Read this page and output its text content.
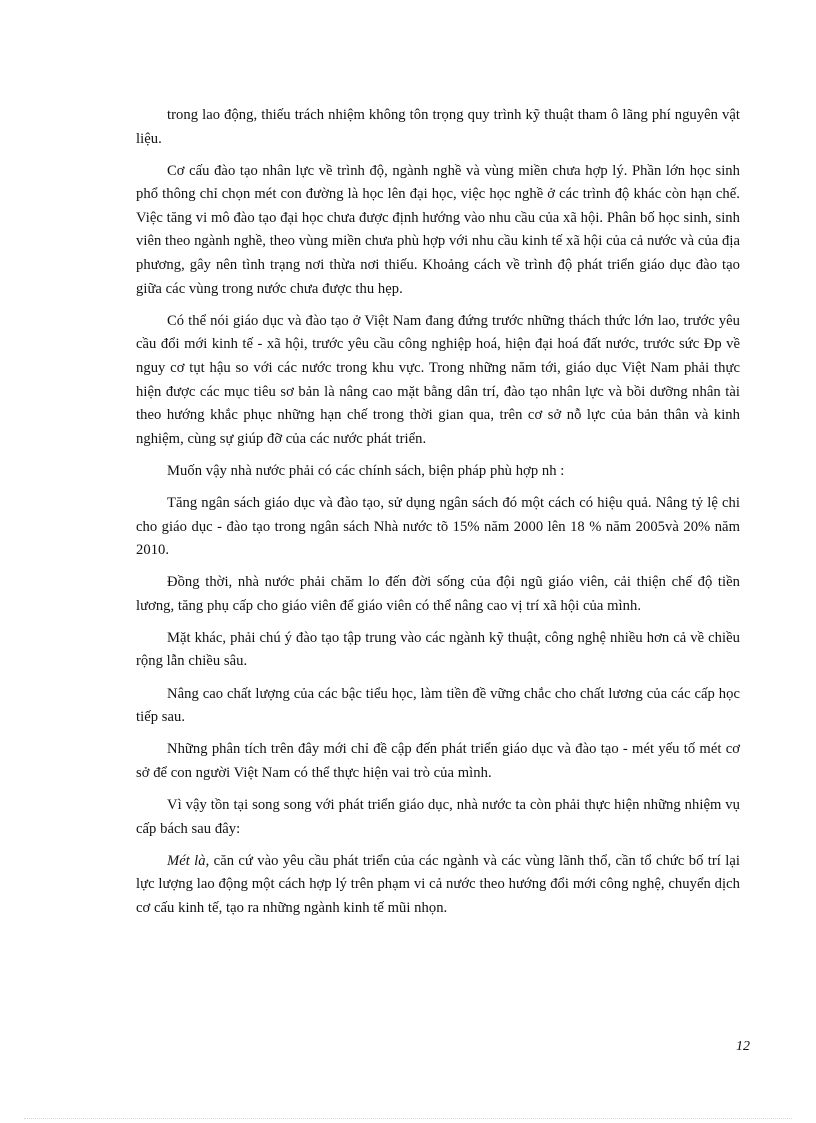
trong lao động, thiếu trách nhiệm không tôn trọng quy trình kỹ thuật tham ô lãng phí nguyên vật liệu.

Cơ cấu đào tạo nhân lực về trình độ, ngành nghề và vùng miền chưa hợp lý. Phần lớn học sinh phổ thông chỉ chọn mét con đường là học lên đại học, việc học nghề ở các trình độ khác còn hạn chế. Việc tăng vi mô đào tạo đại học chưa được định hướng vào nhu cầu của xã hội. Phân bố học sinh, sinh viên theo ngành nghề, theo vùng miền chưa phù hợp với nhu cầu kinh tế xã hội của cả nước và của địa phương, gây nên tình trạng nơi thừa nơi thiếu. Khoảng cách về trình độ phát triển giáo dục đào tạo giữa các vùng trong nước chưa được thu hẹp.

Có thể nói giáo dục và đào tạo ở Việt Nam đang đứng trước những thách thức lớn lao, trước yêu cầu đổi mới kinh tế - xã hội, trước yêu cầu công nghiệp hoá, hiện đại hoá đất nước, trước sức Ðp về nguy cơ tụt hậu so với các nước trong khu vực. Trong những năm tới, giáo dục Việt Nam phải thực hiện được các mục tiêu sơ bản là nâng cao mặt bằng dân trí, đào tạo nhân lực và bồi dưỡng nhân tài theo hướng khắc phục những hạn chế trong thời gian qua, trên cơ sở nỗ lực của bản thân và kinh nghiệm, cùng sự giúp đỡ của các nước phát triển.

Muốn vậy nhà nước phải có các chính sách, biện pháp phù hợp nh :

Tăng ngân sách giáo dục và đào tạo, sử dụng ngân sách đó một cách có hiệu quả. Nâng tỷ lệ chi cho giáo dục - đào tạo trong ngân sách Nhà nước tõ 15% năm 2000 lên 18 % năm 2005và 20% năm 2010.

Đồng thời, nhà nước phải chăm lo đến đời sống của đội ngũ giáo viên, cải thiện chế độ tiền lương, tăng phụ cấp cho giáo viên để giáo viên có thể nâng cao vị trí xã hội của mình.

Mặt khác, phải chú ý đào tạo tập trung vào các ngành kỹ thuật, công nghệ nhiều hơn cả về chiều rộng lẫn chiều sâu.

Nâng cao chất lượng của các bậc tiểu học, làm tiền đề vững chắc cho chất lương của các cấp học tiếp sau.

Những phân tích trên đây mới chỉ đề cập đến phát triển giáo dục và đào tạo - mét yếu tố mét cơ sở để con người Việt Nam có thể thực hiện vai trò của mình.

Vì vậy tồn tại song song với phát triển giáo dục, nhà nước ta còn phải thực hiện những nhiệm vụ cấp bách sau đây:

Mét là, căn cứ vào yêu cầu phát triển của các ngành và các vùng lãnh thổ, cần tổ chức bố trí lại lực lượng lao động một cách hợp lý trên phạm vi cả nước theo hướng đổi mới công nghệ, chuyển dịch cơ cấu kinh tế, tạo ra những ngành kinh tế mũi nhọn.

12
